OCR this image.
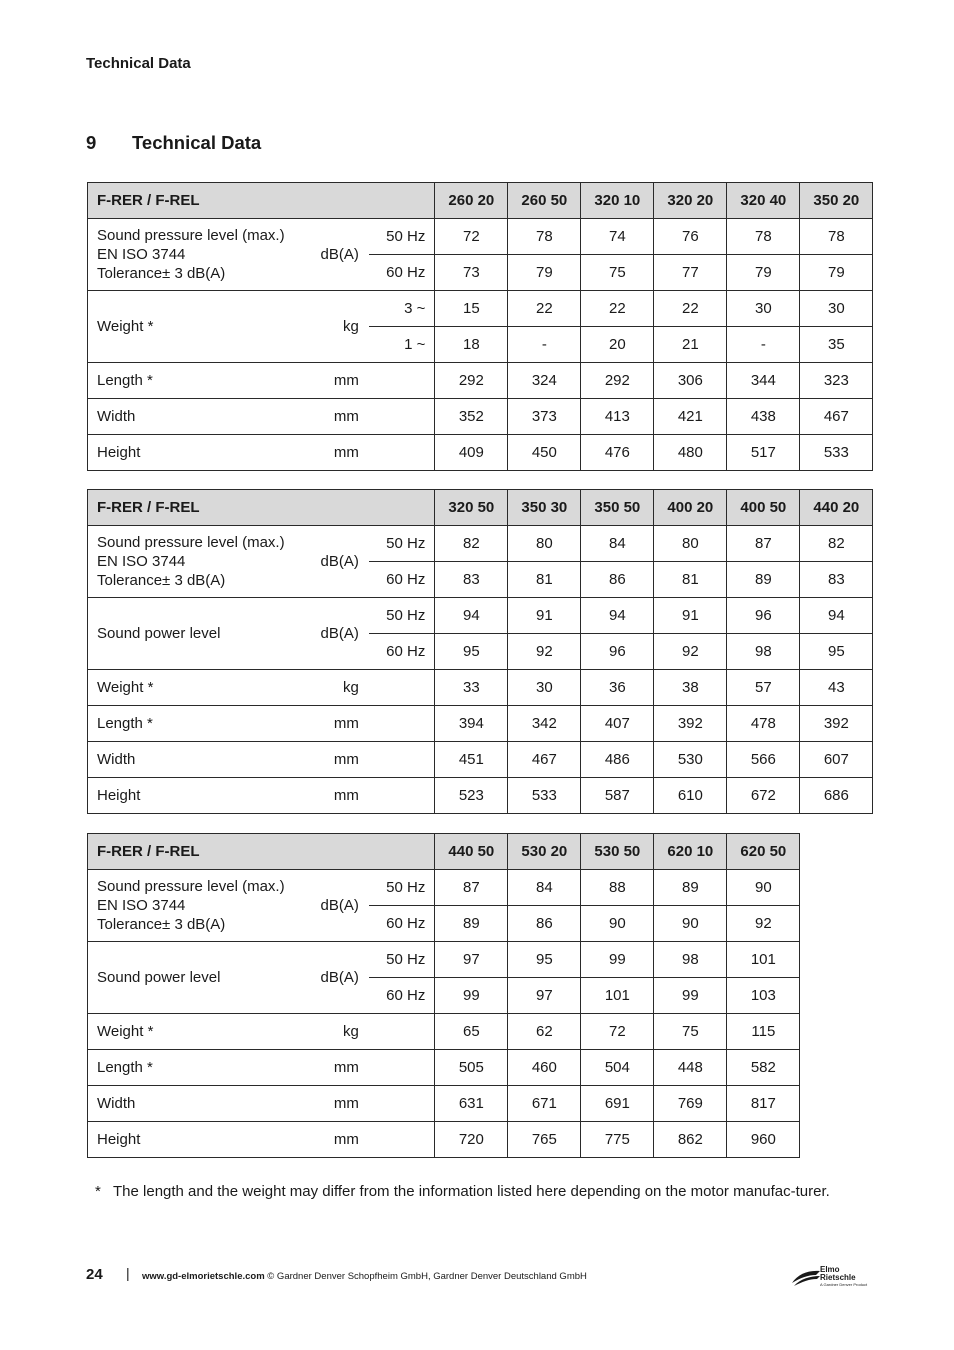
Technical Data
9 Technical Data
F-RER / F-REL			260 20	260 50	320 10	320 20	320 40	350 20

Sound pressure level (max.)
EN ISO 3744
Tolerance± 3 dB(A)	dB(A)	50 Hz	72	78	74	76	78	78
		60 Hz	73	79	75	77	79	79
Weight *	kg	3 ~	15	22	22	22	30	30
		1 ~	18	-	20	21	-	35
Length *	mm		292	324	292	306	344	323
Width	mm		352	373	413	421	438	467
Height	mm		409	450	476	480	517	533
F-RER / F-REL			320 50	350 30	350 50	400 20	400 50	440 20

Sound pressure level (max.)
EN ISO 3744
Tolerance± 3 dB(A)	dB(A)	50 Hz	82	80	84	80	87	82
		60 Hz	83	81	86	81	89	83
Sound power level	dB(A)	50 Hz	94	91	94	91	96	94
		60 Hz	95	92	96	92	98	95
Weight *	kg		33	30	36	38	57	43
Length *	mm		394	342	407	392	478	392
Width	mm		451	467	486	530	566	607
Height	mm		523	533	587	610	672	686
F-RER / F-REL			440 50	530 20	530 50	620 10	620 50

Sound pressure level (max.)
EN ISO 3744
Tolerance± 3 dB(A)	dB(A)	50 Hz	87	84	88	89	90
		60 Hz	89	86	90	90	92
Sound power level	dB(A)	50 Hz	97	95	99	98	101
		60 Hz	99	97	101	99	103
Weight *	kg		65	62	72	75	115
Length *	mm		505	460	504	448	582
Width	mm		631	671	691	769	817
Height	mm		720	765	775	862	960
* The length and the weight may differ from the information listed here depending on the motor manufac-turer.
24 | www.gd-elmorietschle.com © Gardner Denver Schopfheim GmbH, Gardner Denver Deutschland GmbH
Elmo
Rietschle
A Gardner Denver Product
